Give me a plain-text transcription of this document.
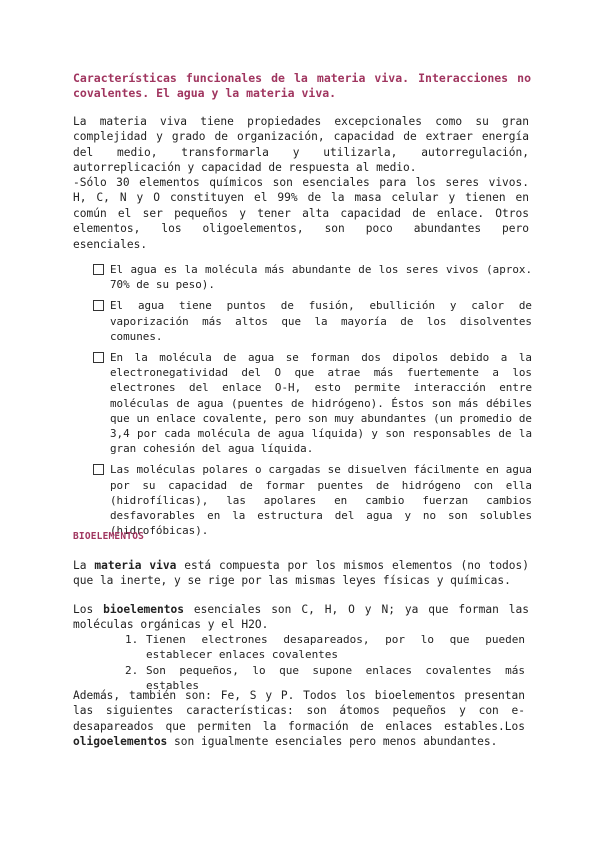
Características funcionales de la materia viva. Interacciones no covalentes. El agua y la materia viva.
La materia viva tiene propiedades excepcionales como su gran
complejidad y grado de organización, capacidad de extraer energía
del medio, transformarla y utilizarla, autorregulación,
autorreplicación y capacidad de respuesta al medio.
-Sólo 30 elementos químicos son esenciales para los seres vivos.
H, C, N y O constituyen el 99% de la masa celular y tienen en
común el ser pequeños y tener alta capacidad de enlace. Otros
elementos, los oligoelementos, son poco abundantes pero
esenciales.
El agua es la molécula más abundante de los seres vivos (aprox. 70% de su peso).
El agua tiene puntos de fusión, ebullición y calor de vaporización más altos que la mayoría de los disolventes comunes.
En la molécula de agua se forman dos dipolos debido a la electronegatividad del O que atrae más fuertemente a los electrones del enlace O-H, esto permite interacción entre moléculas de agua (puentes de hidrógeno). Éstos son más débiles que un enlace covalente, pero son muy abundantes (un promedio de 3,4 por cada molécula de agua líquida) y son responsables de la gran cohesión del agua líquida.
Las moléculas polares o cargadas se disuelven fácilmente en agua por su capacidad de formar puentes de hidrógeno con ella (hidrofílicas), las apolares en cambio fuerzan cambios desfavorables en la estructura del agua y no son solubles (hidrofóbicas).
BIOELEMENTOS
La materia viva está compuesta por los mismos elementos (no todos) que la inerte, y se rige por las mismas leyes físicas y químicas.
Los bioelementos esenciales son C, H, O y N; ya que forman las moléculas orgánicas y el H2O.
1. Tienen electrones desapareados, por lo que pueden establecer enlaces covalentes
2. Son pequeños, lo que supone enlaces covalentes más estables
Además, también son: Fe, S y P. Todos los bioelementos presentan las siguientes características: son átomos pequeños y con e- desapareados que permiten la formación de enlaces estables.Los oligoelementos son igualmente esenciales pero menos abundantes.
